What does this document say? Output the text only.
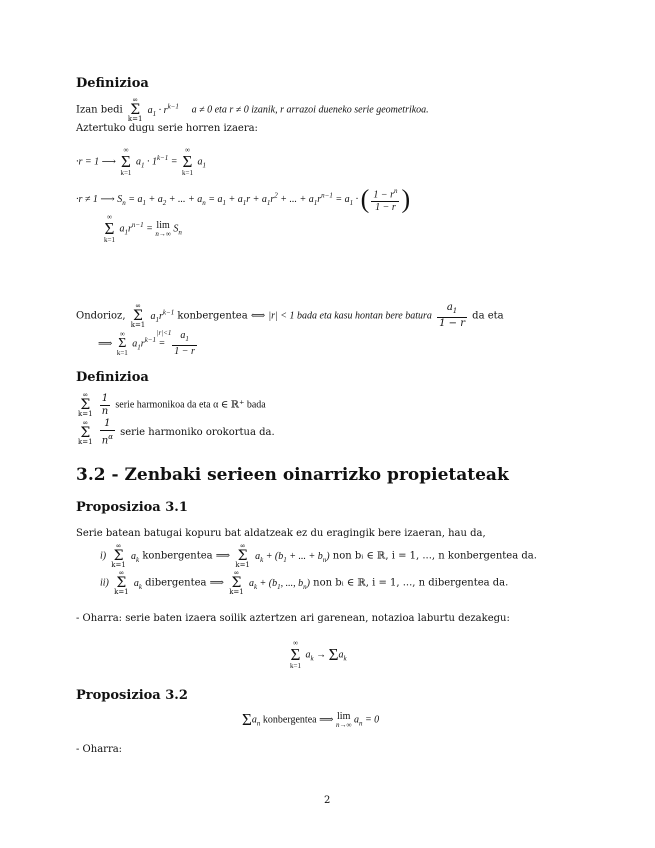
Definizioa
Izan bedi
∞
Σ
k=1
$a_1 \cdot r^{k-1}$ a ≠ 0 eta r ≠ 0 izanik, r arrazoi dueneko serie geometrikoa.
Aztertuko dugu serie horren izaera:
·r = 1 ⟶
∞
Σ
k=1
$a_1 \cdot 1^{k-1}$ =
∞
Σ
k=1
$a_1$
·r ≠ 1 ⟶ $S_n = a_1 + a_2$ + ... + $a_n = a_1 + a_1r + a_1r^2$ + ... + $a_1r^{n-1} = a_1$ · ( $\frac{1 - r^n}{1 - r}$ )
∞
Σ
k=1
$a_1r^{n-1} = \lim$
n→∞ $S_n$
Ondorioz,
∞
Σ
k=1
$a_1r^{k-1}$ konbergentea ⟺ |r| < 1 bada eta kasu hontan bere batura $\frac{a_1}{1 - r}$ da eta
⟹
∞
Σ
k=1
$a_1r^{k-1}$ =
|r|<1
$\frac{a_1}{1 - r}$
Definizioa
∞
Σ
k=1
$\frac{1}{n}$ serie harmonikoa da eta α ∈ ℝ⁺ bada
∞
Σ
k=1
$\frac{1}{n^\alpha}$ serie harmoniko orokortua da.
3.2 - Zenbaki serieen oinarrizko propietateak
Proposizioa 3.1
Serie batean batugai kopuru bat aldatzeak ez du eragingik bere izaeran, hau da,
i)
∞
Σ
k=1
$a_k$ konbergentea ⟹
∞
Σ
k=1
$a_k + (b_1$ + ... + $b_n$) non bᵢ ∈ ℝ, i = 1, ..., n konbergentea da.
ii)
∞
Σ
k=1
$a_k$ dibergentea ⟹
∞
Σ
k=1
$a_k + (b_1$, ..., $b_n$) non bᵢ ∈ ℝ, i = 1, ..., n dibergentea da.
- Oharra: serie baten izaera soilik aztertzen ari garenean, notazioa laburtu dezakegu:
∞
Σ
k=1
$a_k \to \Sigma a_k$
Proposizioa 3.2
$\Sigma a_n$ konbergentea ⟹ lim
n→∞ $a_n = 0$
- Oharra:
2
